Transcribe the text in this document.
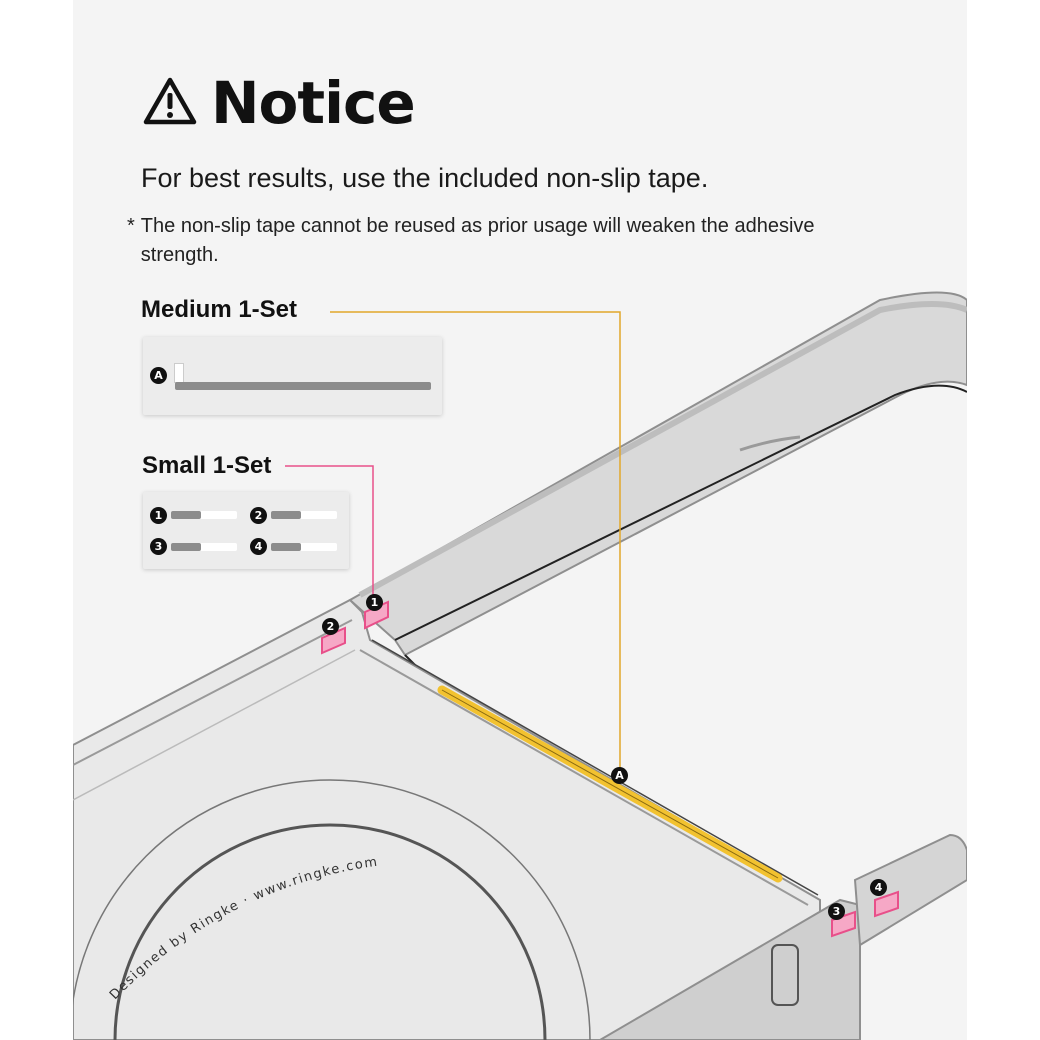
Designed by Ringke · www.ringke.com
1
2
3
4
A
Notice
For best results, use the included non-slip tape.
* The non-slip tape cannot be reused as prior usage will weaken the adhesive strength.
Medium 1-Set
A
Small 1-Set
1	2
3	4
